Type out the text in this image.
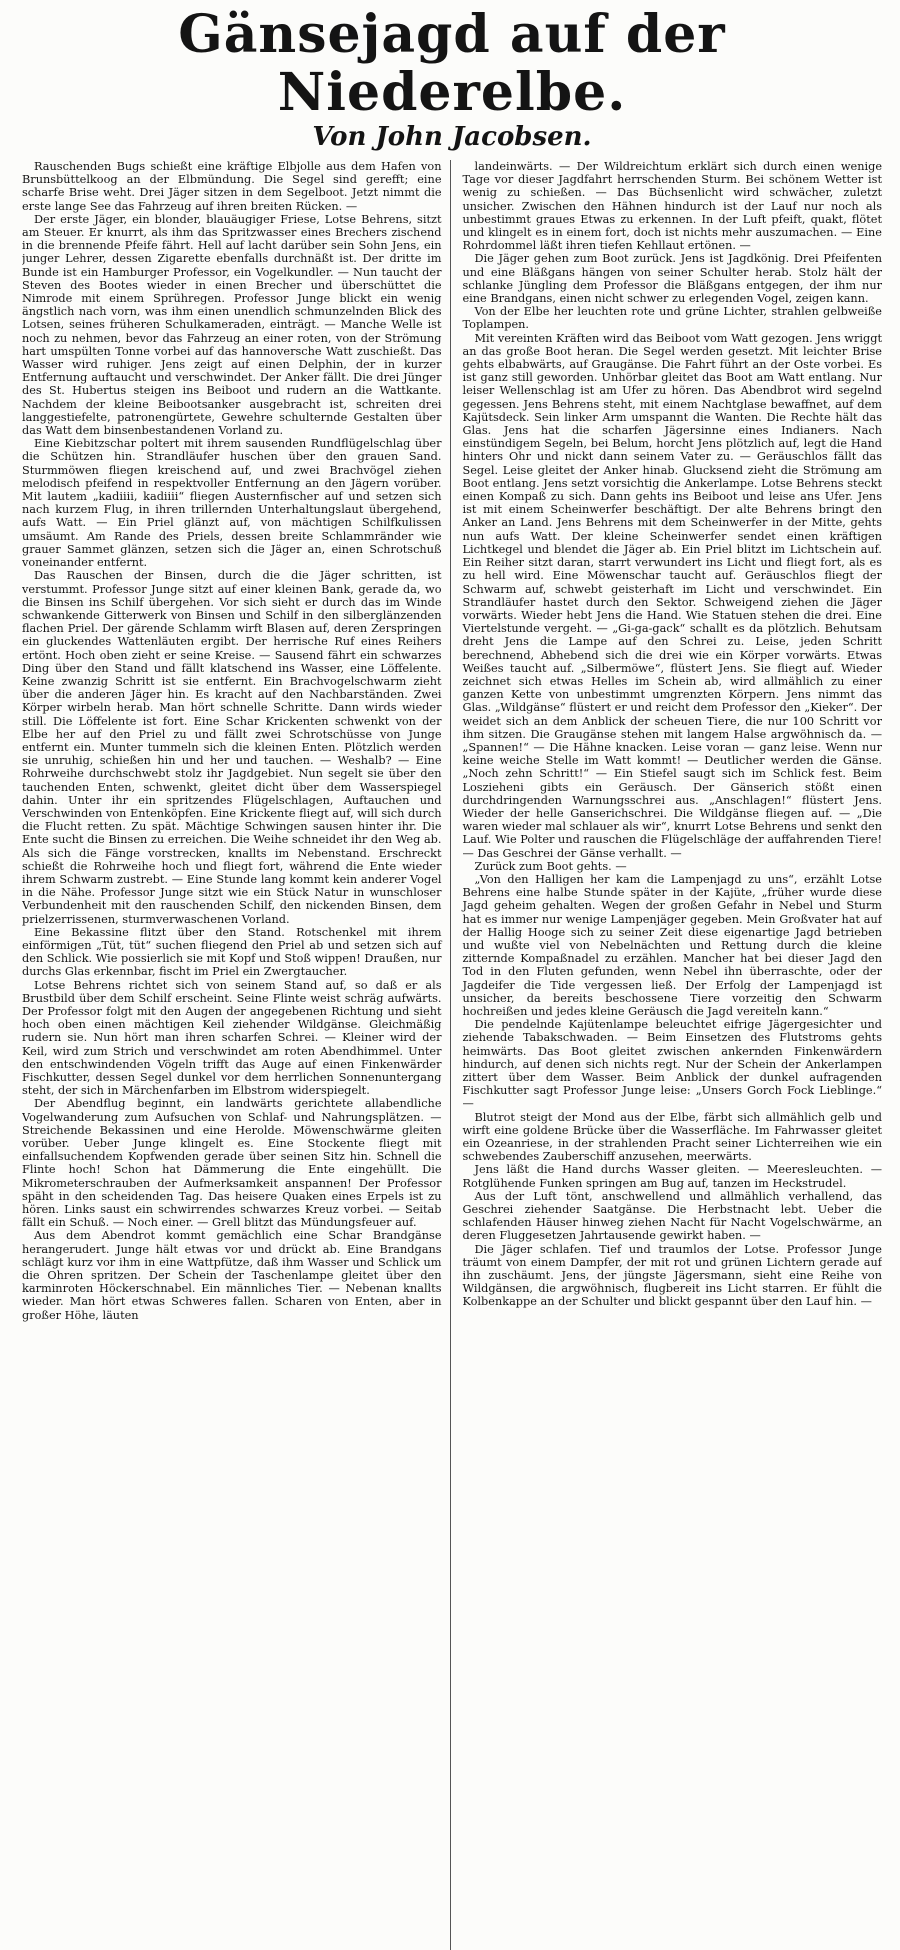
Gänsejagd auf der Niederelbe.
Von John Jacobsen.

Rauschenden Bugs schießt eine kräftige Elbjolle aus dem Hafen von Brunsbüttelkoog an der Elbmündung. Die Segel sind gerefft; eine scharfe Brise weht. Drei Jäger sitzen in dem Segelboot. Jetzt nimmt die erste lange See das Fahrzeug auf ihren breiten Rücken. —

Der erste Jäger, ein blonder, blauäugiger Friese, Lotse Behrens, sitzt am Steuer. Er knurrt, als ihm das Spritzwasser eines Brechers zischend in die brennende Pfeife fährt. Hell auf lacht darüber sein Sohn Jens, ein junger Lehrer, dessen Zigarette ebenfalls durchnäßt ist. Der dritte im Bunde ist ein Hamburger Professor, ein Vogelkundler. — Nun taucht der Steven des Bootes wieder in einen Brecher und überschüttet die Nimrode mit einem Sprühregen. Professor Junge blickt ein wenig ängstlich nach vorn, was ihm einen unendlich schmunzelnden Blick des Lotsen, seines früheren Schulkameraden, einträgt. — Manche Welle ist noch zu nehmen, bevor das Fahrzeug an einer roten, von der Strömung hart umspülten Tonne vorbei auf das hannoversche Watt zuschießt. Das Wasser wird ruhiger. Jens zeigt auf einen Delphin, der in kurzer Entfernung auftaucht und verschwindet. Der Anker fällt. Die drei Jünger des St. Hubertus steigen ins Beiboot und rudern an die Wattkante. Nachdem der kleine Beibootsanker ausgebracht ist, schreiten drei langgestiefelte, patronengürtete, Gewehre schulternde Gestalten über das Watt dem binsenbestandenen Vorland zu.

Eine Kiebitzschar poltert mit ihrem sausenden Rundflügelschlag über die Schützen hin. Strandläufer huschen über den grauen Sand. Sturmmöwen fliegen kreischend auf, und zwei Brachvögel ziehen melodisch pfeifend in respektvoller Entfernung an den Jägern vorüber. Mit lautem „kadiiii, kadiiii“ fliegen Austernfischer auf und setzen sich nach kurzem Flug, in ihren trillernden Unterhaltungslaut übergehend, aufs Watt. — Ein Priel glänzt auf, von mächtigen Schilfkulissen umsäumt. Am Rande des Priels, dessen breite Schlammränder wie grauer Sammet glänzen, setzen sich die Jäger an, einen Schrotschuß voneinander entfernt.

Das Rauschen der Binsen, durch die die Jäger schritten, ist verstummt. Professor Junge sitzt auf einer kleinen Bank, gerade da, wo die Binsen ins Schilf übergehen. Vor sich sieht er durch das im Winde schwankende Gitterwerk von Binsen und Schilf in den silberglänzenden flachen Priel. Der gärende Schlamm wirft Blasen auf, deren Zerspringen ein gluckendes Wattenläuten ergibt. Der herrische Ruf eines Reihers ertönt. Hoch oben zieht er seine Kreise. — Sausend fährt ein schwarzes Ding über den Stand und fällt klatschend ins Wasser, eine Löffelente. Keine zwanzig Schritt ist sie entfernt. Ein Brachvogelschwarm zieht über die anderen Jäger hin. Es kracht auf den Nachbarständen. Zwei Körper wirbeln herab. Man hört schnelle Schritte. Dann wirds wieder still. Die Löffelente ist fort. Eine Schar Krickenten schwenkt von der Elbe her auf den Priel zu und fällt zwei Schrotschüsse von Junge entfernt ein. Munter tummeln sich die kleinen Enten. Plötzlich werden sie unruhig, schießen hin und her und tauchen. — Weshalb? — Eine Rohrweihe durchschwebt stolz ihr Jagdgebiet. Nun segelt sie über den tauchenden Enten, schwenkt, gleitet dicht über dem Wasserspiegel dahin. Unter ihr ein spritzendes Flügelschlagen, Auftauchen und Verschwinden von Entenköpfen. Eine Krickente fliegt auf, will sich durch die Flucht retten. Zu spät. Mächtige Schwingen sausen hinter ihr. Die Ente sucht die Binsen zu erreichen. Die Weihe schneidet ihr den Weg ab. Als sich die Fänge vorstrecken, knallts im Nebenstand. Erschreckt schießt die Rohrweihe hoch und fliegt fort, während die Ente wieder ihrem Schwarm zustrebt. — Eine Stunde lang kommt kein anderer Vogel in die Nähe. Professor Junge sitzt wie ein Stück Natur in wunschloser Verbundenheit mit den rauschenden Schilf, den nickenden Binsen, dem prielzerrissenen, sturmverwaschenen Vorland.

Eine Bekassine flitzt über den Stand. Rotschenkel mit ihrem einförmigen „Tüt, tüt“ suchen fliegend den Priel ab und setzen sich auf den Schlick. Wie possierlich sie mit Kopf und Stoß wippen! Draußen, nur durchs Glas erkennbar, fischt im Priel ein Zwergtaucher.

Lotse Behrens richtet sich von seinem Stand auf, so daß er als Brustbild über dem Schilf erscheint. Seine Flinte weist schräg aufwärts. Der Professor folgt mit den Augen der angegebenen Richtung und sieht hoch oben einen mächtigen Keil ziehender Wildgänse. Gleichmäßig rudern sie. Nun hört man ihren scharfen Schrei. — Kleiner wird der Keil, wird zum Strich und verschwindet am roten Abendhimmel. Unter den entschwindenden Vögeln trifft das Auge auf einen Finkenwärder Fischkutter, dessen Segel dunkel vor dem herrlichen Sonnenuntergang steht, der sich in Märchenfarben im Elbstrom widerspiegelt.

Der Abendflug beginnt, ein landwärts gerichtete allabendliche Vogelwanderung zum Aufsuchen von Schlaf- und Nahrungsplätzen. — Streichende Bekassinen und eine Heroldе. Möwenschwärme gleiten vorüber. Ueber Junge klingelt es. Eine Stockente fliegt mit einfallsuchendem Kopfwenden gerade über seinen Sitz hin. Schnell die Flinte hoch! Schon hat Dämmerung die Ente eingehüllt. Die Mikrometerschrauben der Aufmerksamkeit anspannen! Der Professor späht in den scheidenden Tag. Das heisere Quaken eines Erpels ist zu hören. Links saust ein schwirrendes schwarzes Kreuz vorbei. — Seitab fällt ein Schuß. — Noch einer. — Grell blitzt das Mündungsfeuer auf.

Aus dem Abendrot kommt gemächlich eine Schar Brandgänse herangerudert. Junge hält etwas vor und drückt ab. Eine Brandgans schlägt kurz vor ihm in eine Wattpfütze, daß ihm Wasser und Schlick um die Ohren spritzen. Der Schein der Taschenlampe gleitet über den karminroten Höckerschnabel. Ein männliches Tier. — Nebenan knallts wieder. Man hört etwas Schweres fallen. Scharen von Enten, aber in großer Höhe, läuten

landeinwärts. — Der Wildreichtum erklärt sich durch einen wenige Tage vor dieser Jagdfahrt herrschenden Sturm. Bei schönem Wetter ist wenig zu schießen. — Das Büchsenlicht wird schwächer, zuletzt unsicher. Zwischen den Hähnen hindurch ist der Lauf nur noch als unbestimmt graues Etwas zu erkennen. In der Luft pfeift, quakt, flötet und klingelt es in einem fort, doch ist nichts mehr auszumachen. — Eine Rohrdommel läßt ihren tiefen Kehllaut ertönen. —

Die Jäger gehen zum Boot zurück. Jens ist Jagdkönig. Drei Pfeifenten und eine Bläßgans hängen von seiner Schulter herab. Stolz hält der schlanke Jüngling dem Professor die Bläßgans entgegen, der ihm nur eine Brandgans, einen nicht schwer zu erlegenden Vogel, zeigen kann.

Von der Elbe her leuchten rote und grüne Lichter, strahlen gelbweiße Toplampen.

Mit vereinten Kräften wird das Beiboot vom Watt gezogen. Jens wriggt an das große Boot heran. Die Segel werden gesetzt. Mit leichter Brise gehts elbabwärts, auf Graugänse. Die Fahrt führt an der Oste vorbei. Es ist ganz still geworden. Unhörbar gleitet das Boot am Watt entlang. Nur leiser Wellenschlag ist am Ufer zu hören. Das Abendbrot wird segelnd gegessen. Jens Behrens steht, mit einem Nachtglase bewaffnet, auf dem Kajütsdeck. Sein linker Arm umspannt die Wanten. Die Rechte hält das Glas. Jens hat die scharfen Jägersinne eines Indianers. Nach einstündigem Segeln, bei Belum, horcht Jens plötzlich auf, legt die Hand hinters Ohr und nickt dann seinem Vater zu. — Geräuschlos fällt das Segel. Leise gleitet der Anker hinab. Glucksend zieht die Strömung am Boot entlang. Jens setzt vorsichtig die Ankerlampe. Lotse Behrens steckt einen Kompaß zu sich. Dann gehts ins Beiboot und leise ans Ufer. Jens ist mit einem Scheinwerfer beschäftigt. Der alte Behrens bringt den Anker an Land. Jens Behrens mit dem Scheinwerfer in der Mitte, gehts nun aufs Watt. Der kleine Scheinwerfer sendet einen kräftigen Lichtkegel und blendet die Jäger ab. Ein Priel blitzt im Lichtschein auf. Ein Reiher sitzt daran, starrt verwundert ins Licht und fliegt fort, als es zu hell wird. Eine Möwenschar taucht auf. Geräuschlos fliegt der Schwarm auf, schwebt geisterhaft im Licht und verschwindet. Ein Strandläufer hastet durch den Sektor. Schweigend ziehen die Jäger vorwärts. Wieder hebt Jens die Hand. Wie Statuen stehen die drei. Eine Viertelstunde vergeht. — „Gi-ga-gack“ schallt es da plötzlich. Behutsam dreht Jens die Lampe auf den Schrei zu. Leise, jeden Schritt berechnend, Abhebend sich die drei wie ein Körper vorwärts. Etwas Weißes taucht auf. „Silbermöwe“, flüstert Jens. Sie fliegt auf. Wieder zeichnet sich etwas Helles im Schein ab, wird allmählich zu einer ganzen Kette von unbestimmt umgrenzten Körpern. Jens nimmt das Glas. „Wildgänse“ flüstert er und reicht dem Professor den „Kieker“. Der weidet sich an dem Anblick der scheuen Tiere, die nur 100 Schritt vor ihm sitzen. Die Graugänse stehen mit langem Halse argwöhnisch da. — „Spannen!“ — Die Hähne knacken. Leise voran — ganz leise. Wenn nur keine weiche Stelle im Watt kommt! — Deutlicher werden die Gänse. „Noch zehn Schritt!“ — Ein Stiefel saugt sich im Schlick fest. Beim Loszieheni gibts ein Geräusch. Der Gänserich stößt einen durchdringenden Warnungsschrei aus. „Anschlagen!“ flüstert Jens. Wieder der helle Ganserichschrei. Die Wildgänse fliegen auf. — „Die waren wieder mal schlauer als wir“, knurrt Lotse Behrens und senkt den Lauf. Wie Polter und rauschen die Flügelschläge der auffahrenden Tiere! — Das Geschrei der Gänse verhallt. —

Zurück zum Boot gehts. —

„Von den Halligen her kam die Lampenjagd zu uns“, erzählt Lotse Behrens eine halbe Stunde später in der Kajüte, „früher wurde diese Jagd geheim gehalten. Wegen der großen Gefahr in Nebel und Sturm hat es immer nur wenige Lampenjäger gegeben. Mein Großvater hat auf der Hallig Hooge sich zu seiner Zeit diese eigenartige Jagd betrieben und wußte viel von Nebelnächten und Rettung durch die kleine zitternde Kompaßnadel zu erzählen. Mancher hat bei dieser Jagd den Tod in den Fluten gefunden, wenn Nebel ihn überraschte, oder der Jagdeifer die Tide vergessen ließ. Der Erfolg der Lampenjagd ist unsicher, da bereits beschossene Tiere vorzeitig den Schwarm hochreißen und jedes kleine Geräusch die Jagd vereiteln kann.“

Die pendelnde Kajütenlampe beleuchtet eifrige Jägergesichter und ziehende Tabakschwaden. — Beim Einsetzen des Flutstroms gehts heimwärts. Das Boot gleitet zwischen ankernden Finkenwärdern hindurch, auf denen sich nichts regt. Nur der Schein der Ankerlampen zittert über dem Wasser. Beim Anblick der dunkel aufragenden Fischkutter sagt Professor Junge leise: „Unsers Gorch Fock Lieblinge.“ —

Blutrot steigt der Mond aus der Elbe, färbt sich allmählich gelb und wirft eine goldene Brücke über die Wasserfläche. Im Fahrwasser gleitet ein Ozeanriese, in der strahlenden Pracht seiner Lichterreihen wie ein schwebendes Zauberschiff anzusehen, meerwärts.

Jens läßt die Hand durchs Wasser gleiten. — Meeresleuchten. — Rotglühende Funken springen am Bug auf, tanzen im Heckstrudel.

Aus der Luft tönt, anschwellend und allmählich verhallend, das Geschrei ziehender Saatgänse. Die Herbstnacht lebt. Ueber die schlafenden Häuser hinweg ziehen Nacht für Nacht Vogelschwärme, an deren Fluggesetzen Jahrtausende gewirkt haben. —

Die Jäger schlafen. Tief und traumlos der Lotse. Professor Junge träumt von einem Dampfer, der mit rot und grünen Lichtern gerade auf ihn zuschäumt. Jens, der jüngste Jägersmann, sieht eine Reihe von Wildgänsen, die argwöhnisch, flugbereit ins Licht starren. Er fühlt die Kolbenkappe an der Schulter und blickt gespannt über den Lauf hin. —
